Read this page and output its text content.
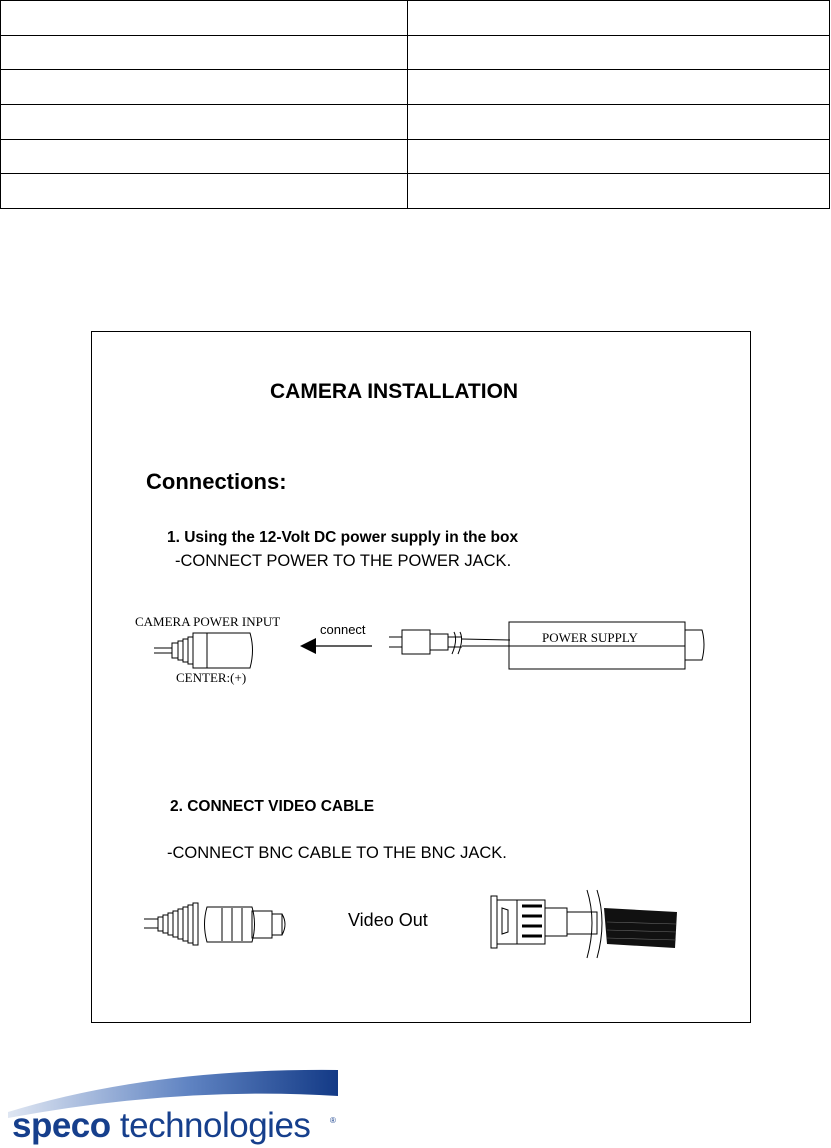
CAMERA INSTALLATION
Connections:
1. Using the 12-Volt DC power supply in the box
-CONNECT POWER TO THE POWER JACK.
CAMERA POWER INPUT
CENTER:(+)
connect
POWER SUPPLY
2. CONNECT VIDEO CABLE
-CONNECT BNC CABLE TO THE BNC JACK.
Video Out
speco technologies ®
